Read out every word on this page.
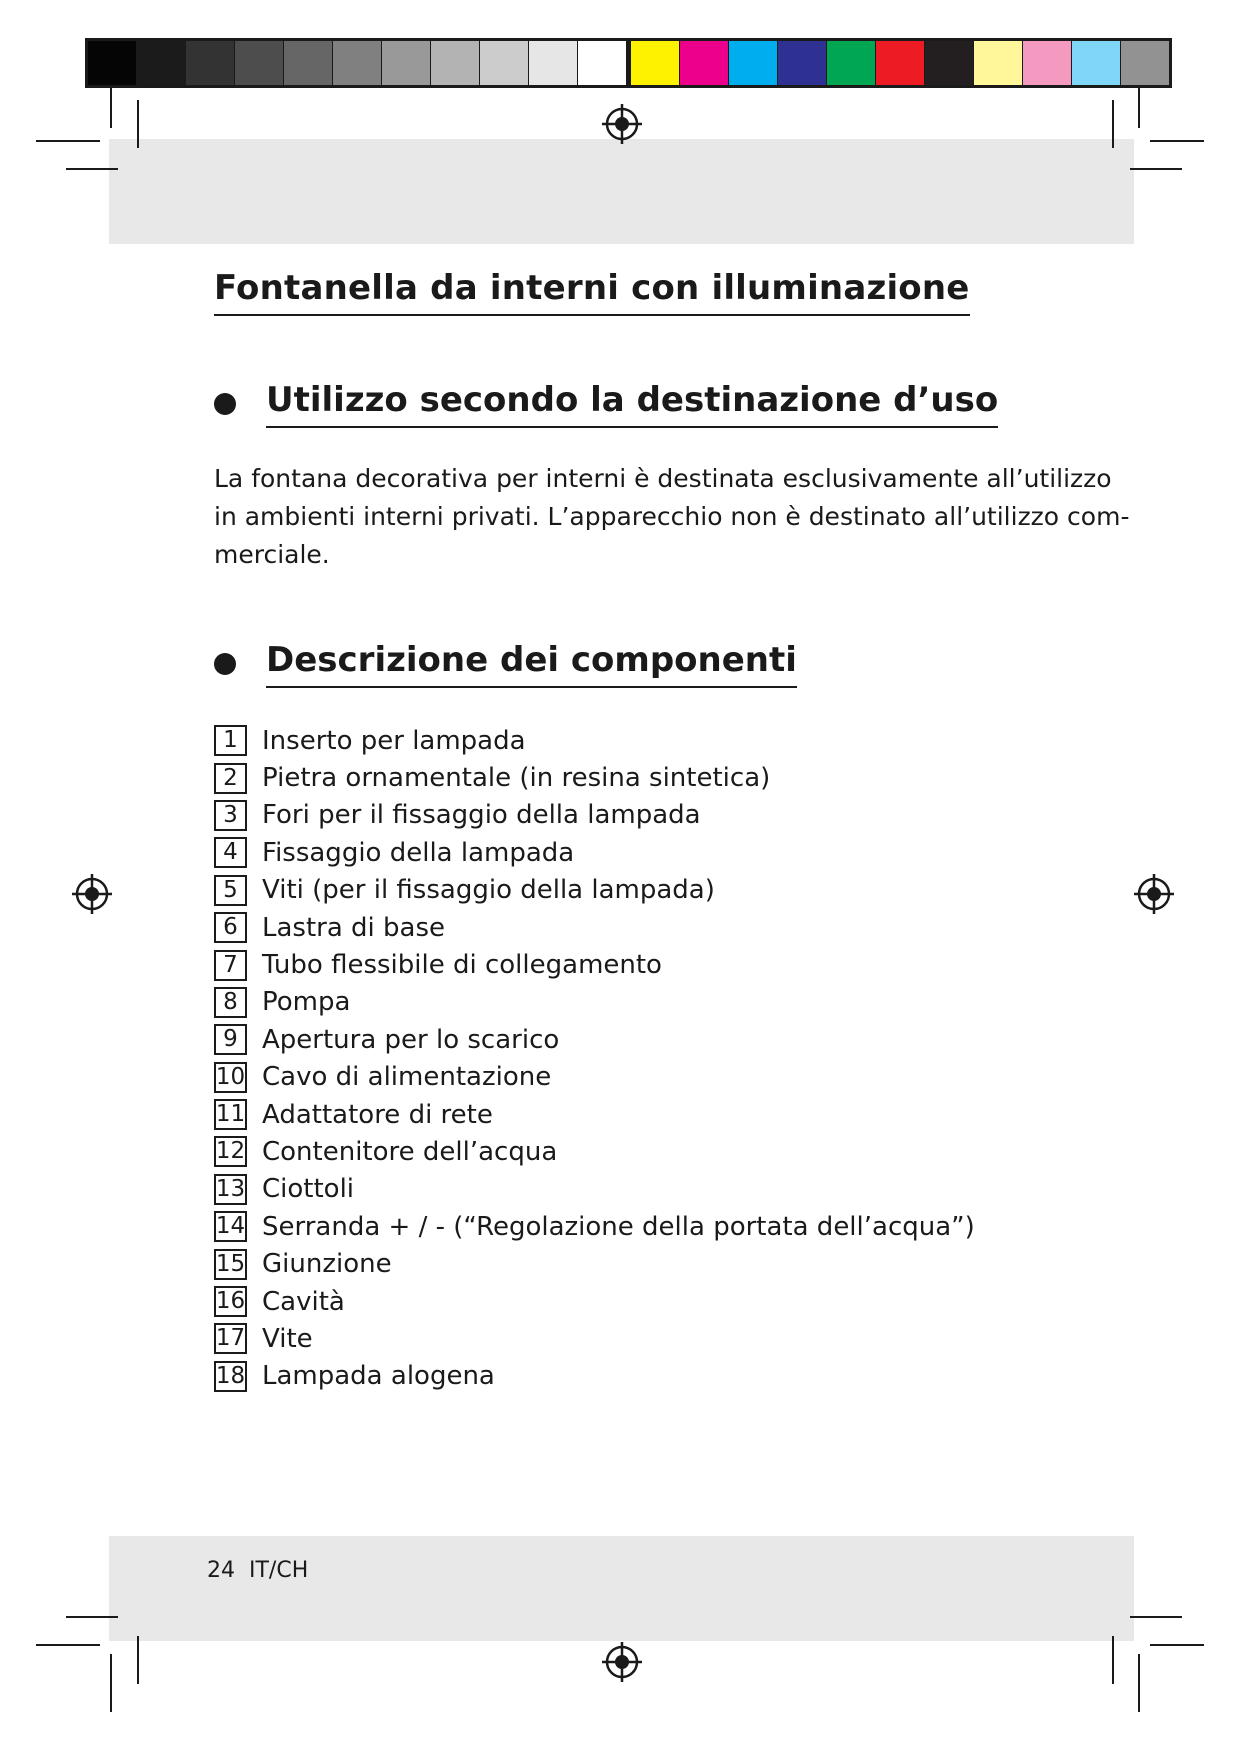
Fontanella da interni con illuminazione
Utilizzo secondo la destinazione d’uso
La fontana decorativa per interni è destinata esclusivamente all’utilizzo
in ambienti interni privati. L’apparecchio non è destinato all’utilizzo com-
merciale.
Descrizione dei componenti
1 Inserto per lampada
2 Pietra ornamentale (in resina sintetica)
3 Fori per il fissaggio della lampada
4 Fissaggio della lampada
5 Viti (per il fissaggio della lampada)
6 Lastra di base
7 Tubo flessibile di collegamento
8 Pompa
9 Apertura per lo scarico
10 Cavo di alimentazione
11 Adattatore di rete
12 Contenitore dell’acqua
13 Ciottoli
14 Serranda + / - (“Regolazione della portata dell’acqua”)
15 Giunzione
16 Cavità
17 Vite
18 Lampada alogena
24 IT/CH
